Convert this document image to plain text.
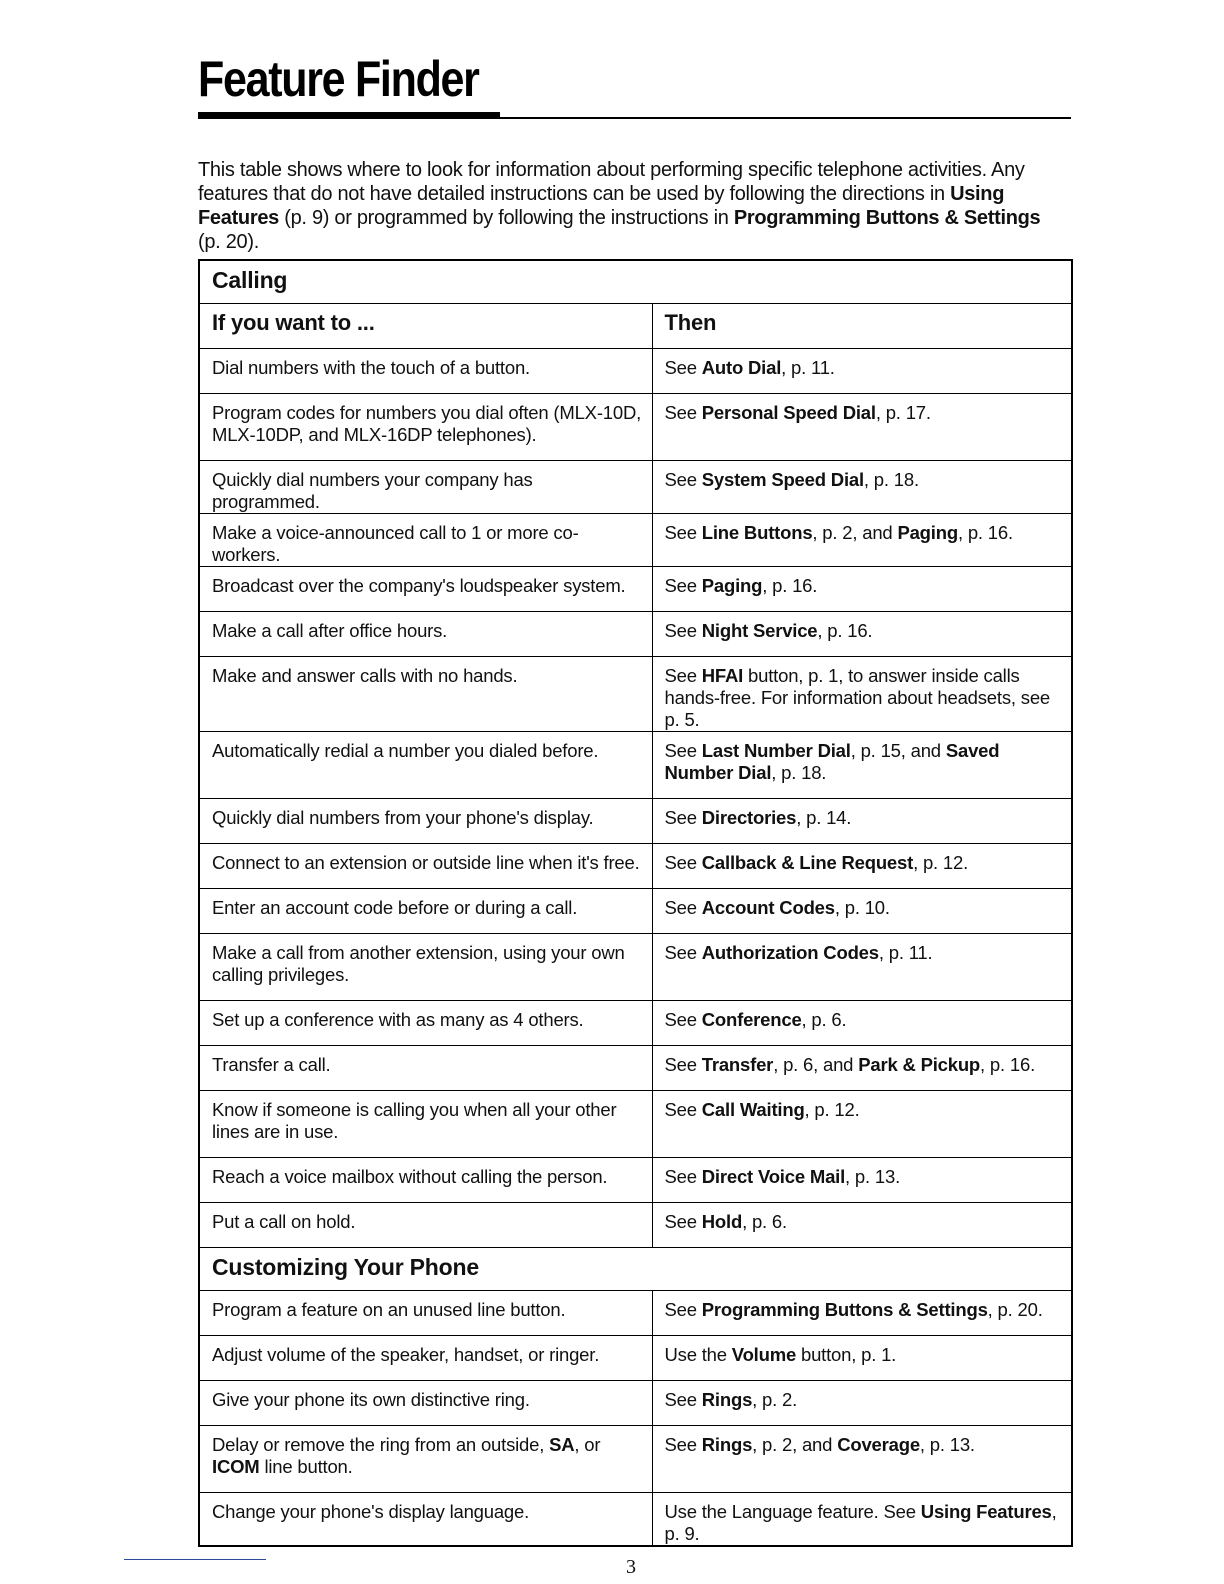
Feature Finder

This table shows where to look for information about performing specific telephone activities. Any features that do not have detailed instructions can be used by following the directions in Using Features (p. 9) or programmed by following the instructions in Programming Buttons & Settings (p. 20).

Calling	
If you want to ...	Then
Dial numbers with the touch of a button.	See Auto Dial, p. 11.
Program codes for numbers you dial often (MLX-10D, MLX-10DP, and MLX-16DP telephones).	See Personal Speed Dial, p. 17.
Quickly dial numbers your company has programmed.	See System Speed Dial, p. 18.
Make a voice-announced call to 1 or more co-workers.	See Line Buttons, p. 2, and Paging, p. 16.
Broadcast over the company's loudspeaker system.	See Paging, p. 16.
Make a call after office hours.	See Night Service, p. 16.
Make and answer calls with no hands.	See HFAI button, p. 1, to answer inside calls hands-free. For information about headsets, see p. 5.
Automatically redial a number you dialed before.	See Last Number Dial, p. 15, and Saved Number Dial, p. 18.
Quickly dial numbers from your phone's display.	See Directories, p. 14.
Connect to an extension or outside line when it's free.	See Callback & Line Request, p. 12.
Enter an account code before or during a call.	See Account Codes, p. 10.
Make a call from another extension, using your own calling privileges.	See Authorization Codes, p. 11.
Set up a conference with as many as 4 others.	See Conference, p. 6.
Transfer a call.	See Transfer, p. 6, and Park & Pickup, p. 16.
Know if someone is calling you when all your other lines are in use.	See Call Waiting, p. 12.
Reach a voice mailbox without calling the person.	See Direct Voice Mail, p. 13.
Put a call on hold.	See Hold, p. 6.
Customizing Your Phone	
Program a feature on an unused line button.	See Programming Buttons & Settings, p. 20.
Adjust volume of the speaker, handset, or ringer.	Use the Volume button, p. 1.
Give your phone its own distinctive ring.	See Rings, p. 2.
Delay or remove the ring from an outside, SA, or ICOM line button.	See Rings, p. 2, and Coverage, p. 13.
Change your phone's display language.	Use the Language feature. See Using Features, p. 9.
3
